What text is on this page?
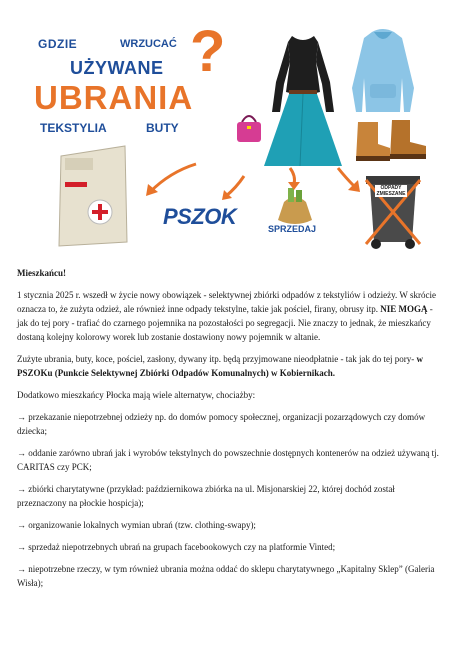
GDZIE	WRZUCAĆ ?
UŻYWANE
UBRANIA
TEKSTYLIA	BUTY
PSZOK	SPRZEDAJ
ODPADY
ZMIESZANE

Mieszkańcu!

1 stycznia 2025 r. wszedł w życie nowy obowiązek - selektywnej zbiórki odpadów z tekstyliów i odzieży. W skrócie oznacza to, że zużyta odzież, ale również inne odpady tekstylne, takie jak pościel, firany, obrusy itp. NIE MOGĄ - jak do tej pory - trafiać do czarnego pojemnika na pozostałości po segregacji. Nie znaczy to jednak, że mieszkańcy dostaną kolejny kolorowy worek lub zostanie dostawiony nowy pojemnik w altanie.

Zużyte ubrania, buty, koce, pościel, zasłony, dywany itp. będą przyjmowane nieodpłatnie - tak jak do tej pory- w PSZOKu (Punkcie Selektywnej Zbiórki Odpadów Komunalnych) w Kobiernikach.

Dodatkowo mieszkańcy Płocka mają wiele alternatyw, chociażby:

→ przekazanie niepotrzebnej odzieży np. do domów pomocy społecznej, organizacji pozarządowych czy domów dziecka;

→ oddanie zarówno ubrań jak i wyrobów tekstylnych do powszechnie dostępnych kontenerów na odzież używaną tj. CARITAS czy PCK;

→ zbiórki charytatywne (przykład: październikowa zbiórka na ul. Misjonarskiej 22, której dochód został przeznaczony na płockie hospicja);

→ organizowanie lokalnych wymian ubrań (tzw. clothing-swapy);

→ sprzedaż niepotrzebnych ubrań na grupach facebookowych czy na platformie Vinted;

→ niepotrzebne rzeczy, w tym również ubrania można oddać do sklepu charytatywnego „Kapitalny Sklep” (Galeria Wisła);
